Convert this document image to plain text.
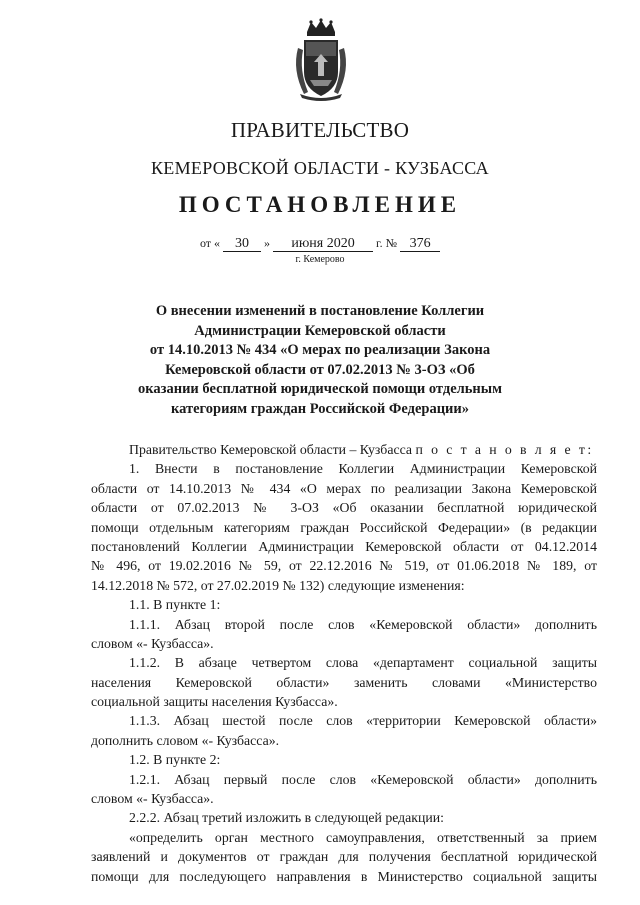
ПРАВИТЕЛЬСТВО
КЕМЕРОВСКОЙ ОБЛАСТИ - КУЗБАССА
ПОСТАНОВЛЕНИЕ
от « 30 » июня 2020 г. № 376
г. Кемерово
О внесении изменений в постановление Коллегии
Администрации Кемеровской области
от 14.10.2013 № 434 «О мерах по реализации Закона
Кемеровской области от 07.02.2013 № 3-ОЗ «Об
оказании бесплатной юридической помощи отдельным
категориям граждан Российской Федерации»
Правительство Кемеровской области – Кузбасса п о с т а н о в л я е т:
1. Внести в постановление Коллегии Администрации Кемеровской
области от 14.10.2013 № 434 «О мерах по реализации Закона Кемеровской
области от 07.02.2013 № 3-ОЗ «Об оказании бесплатной юридической
помощи отдельным категориям граждан Российской Федерации» (в редакции
постановлений Коллегии Администрации Кемеровской области от 04.12.2014
№ 496, от 19.02.2016 № 59, от 22.12.2016 № 519, от 01.06.2018 № 189, от
14.12.2018 № 572, от 27.02.2019 № 132) следующие изменения:
1.1. В пункте 1:
1.1.1. Абзац второй после слов «Кемеровской области» дополнить
словом «- Кузбасса».
1.1.2. В абзаце четвертом слова «департамент социальной защиты
населения Кемеровской области» заменить словами «Министерство
социальной защиты населения Кузбасса».
1.1.3. Абзац шестой после слов «территории Кемеровской области»
дополнить словом «- Кузбасса».
1.2. В пункте 2:
1.2.1. Абзац первый после слов «Кемеровской области» дополнить
словом «- Кузбасса».
2.2.2. Абзац третий изложить в следующей редакции:
«определить орган местного самоуправления, ответственный за прием
заявлений и документов от граждан для получения бесплатной юридической
помощи для последующего направления в Министерство социальной защиты
